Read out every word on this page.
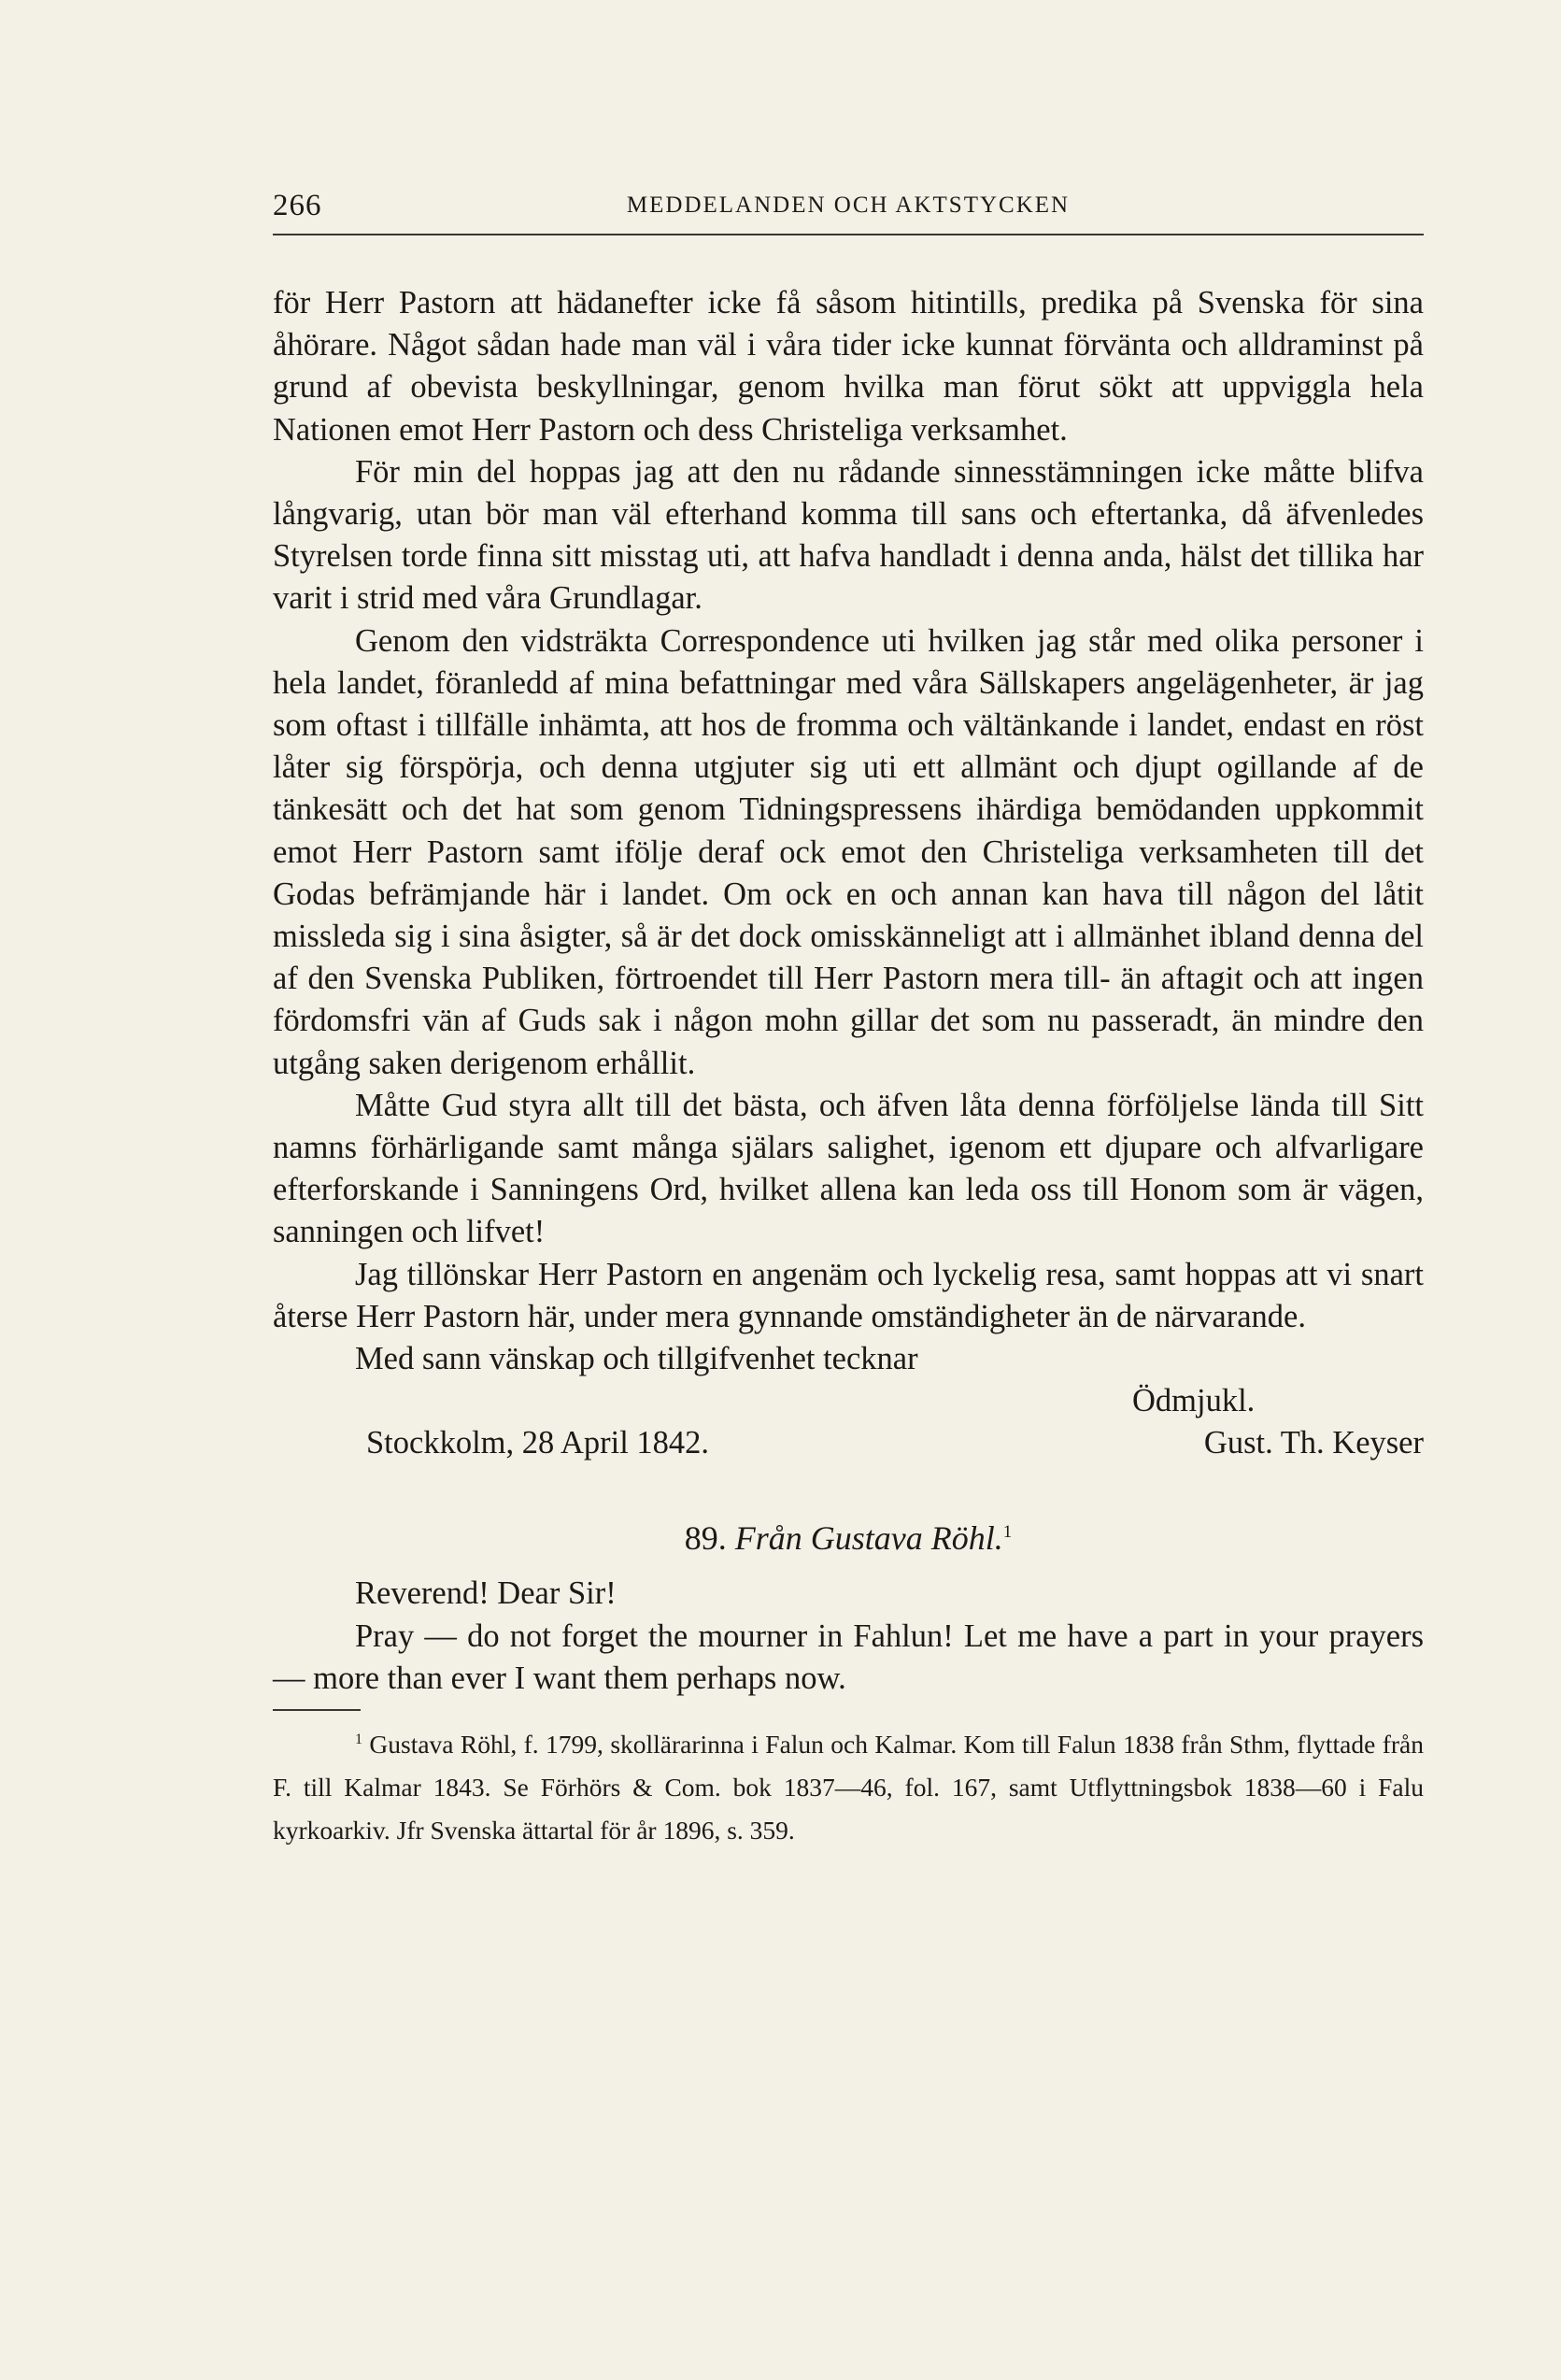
266	MEDDELANDEN OCH AKTSTYCKEN

för Herr Pastorn att hädanefter icke få såsom hitintills, predika på Svenska för sina åhörare. Något sådan hade man väl i våra tider icke kunnat förvänta och alldraminst på grund af obevista beskyllningar, genom hvilka man förut sökt att uppviggla hela Nationen emot Herr Pastorn och dess Christeliga verksamhet.

För min del hoppas jag att den nu rådande sinnesstämningen icke måtte blifva långvarig, utan bör man väl efterhand komma till sans och eftertanka, då äfvenledes Styrelsen torde finna sitt misstag uti, att hafva handladt i denna anda, hälst det tillika har varit i strid med våra Grundlagar.

Genom den vidsträkta Correspondence uti hvilken jag står med olika personer i hela landet, föranledd af mina befattningar med våra Sällskapers angelägenheter, är jag som oftast i tillfälle inhämta, att hos de fromma och vältänkande i landet, endast en röst låter sig förspörja, och denna utgjuter sig uti ett allmänt och djupt ogillande af de tänkesätt och det hat som genom Tidningspressens ihärdiga bemödanden uppkommit emot Herr Pastorn samt iföljе deraf ock emot den Christeliga verksamheten till det Godas befrämjande här i landet. Om ock en och annan kan hava till någon del låtit missleda sig i sina åsigter, så är det dock omisskänneligt att i allmänhet ibland denna del af den Svenska Publiken, förtroendet till Herr Pastorn mera till- än aftagit och att ingen fördomsfri vän af Guds sak i någon mohn gillar det som nu passeradt, än mindre den utgång saken derigenom erhållit.

Måtte Gud styra allt till det bästa, och äfven låta denna förföljelse lända till Sitt namns förhärligande samt många själars salighet, igenom ett djupare och alfvarligare efterforskande i Sanningens Ord, hvilket allena kan leda oss till Honom som är vägen, sanningen och lifvet!

Jag tillönskar Herr Pastorn en angenäm och lyckelig resa, samt hoppas att vi snart återse Herr Pastorn här, under mera gynnande omständigheter än de närvarande.

Med sann vänskap och tillgifvenhet tecknar

Ödmjukl.
Stockkolm, 28 April 1842.	Gust. Th. Keyser
89. Från Gustava Röhl.$^1$

Reverend! Dear Sir!

Pray — do not forget the mourner in Fahlun! Let me have a part in your prayers — more than ever I want them perhaps now.

$^1$ Gustava Röhl, f. 1799, skollärarinna i Falun och Kalmar. Kom till Falun 1838 från Sthm, flyttade från F. till Kalmar 1843. Se Förhörs & Com. bok 1837—46, fol. 167, samt Utflyttningsbok 1838—60 i Falu kyrkoarkiv. Jfr Svenska ättartal för år 1896, s. 359.
